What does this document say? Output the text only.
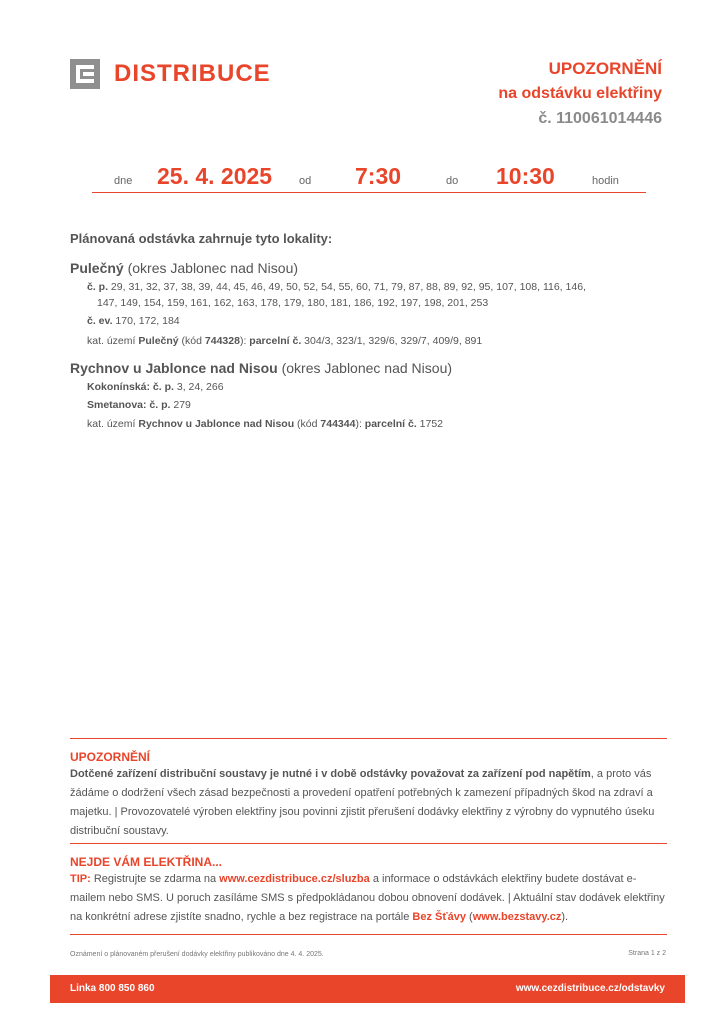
DISTRIBUCE	UPOZORNĚNÍ
na odstávku elektřiny
č. 110061014446
dne 25. 4. 2025 od 7:30	do 10:30	hodin
Plánovaná odstávka zahrnuje tyto lokality:
Pulečný (okres Jablonec nad Nisou)
č. p. 29, 31, 32, 37, 38, 39, 44, 45, 46, 49, 50, 52, 54, 55, 60, 71, 79, 87, 88, 89, 92, 95, 107, 108, 116, 146,
147, 149, 154, 159, 161, 162, 163, 178, 179, 180, 181, 186, 192, 197, 198, 201, 253
č. ev. 170, 172, 184
kat. území Pulečný (kód 744328): parcelní č. 304/3, 323/1, 329/6, 329/7, 409/9, 891
Rychnov u Jablonce nad Nisou (okres Jablonec nad Nisou)
Kokonínská: č. p. 3, 24, 266
Smetanova: č. p. 279
kat. území Rychnov u Jablonce nad Nisou (kód 744344): parcelní č. 1752
UPOZORNĚNÍ
Dotčené zařízení distribuční soustavy je nutné i v době odstávky považovat za zařízení pod napětím, a proto vás žádáme o dodržení všech zásad bezpečnosti a provedení opatření potřebných k zamezení případných škod na zdraví a majetku. | Provozovatelé výroben elektřiny jsou povinni zjistit přerušení dodávky elektřiny z výrobny do vypnutého úseku distribuční soustavy.
NEJDE VÁM ELEKTŘINA...
TIP: Registrujte se zdarma na www.cezdistribuce.cz/sluzba a informace o odstávkách elektřiny budete dostávat e-mailem nebo SMS. U poruch zasíláme SMS s předpokládanou dobou obnovení dodávek. | Aktuální stav dodávek elektřiny na konkrétní adrese zjistíte snadno, rychle a bez registrace na portále Bez Šťávy (www.bezstavy.cz).
Oznámení o plánovaném přerušení dodávky elektřiny publikováno dne 4. 4. 2025.	Strana 1 z 2
Linka 800 850 860	www.cezdistribuce.cz/odstavky
